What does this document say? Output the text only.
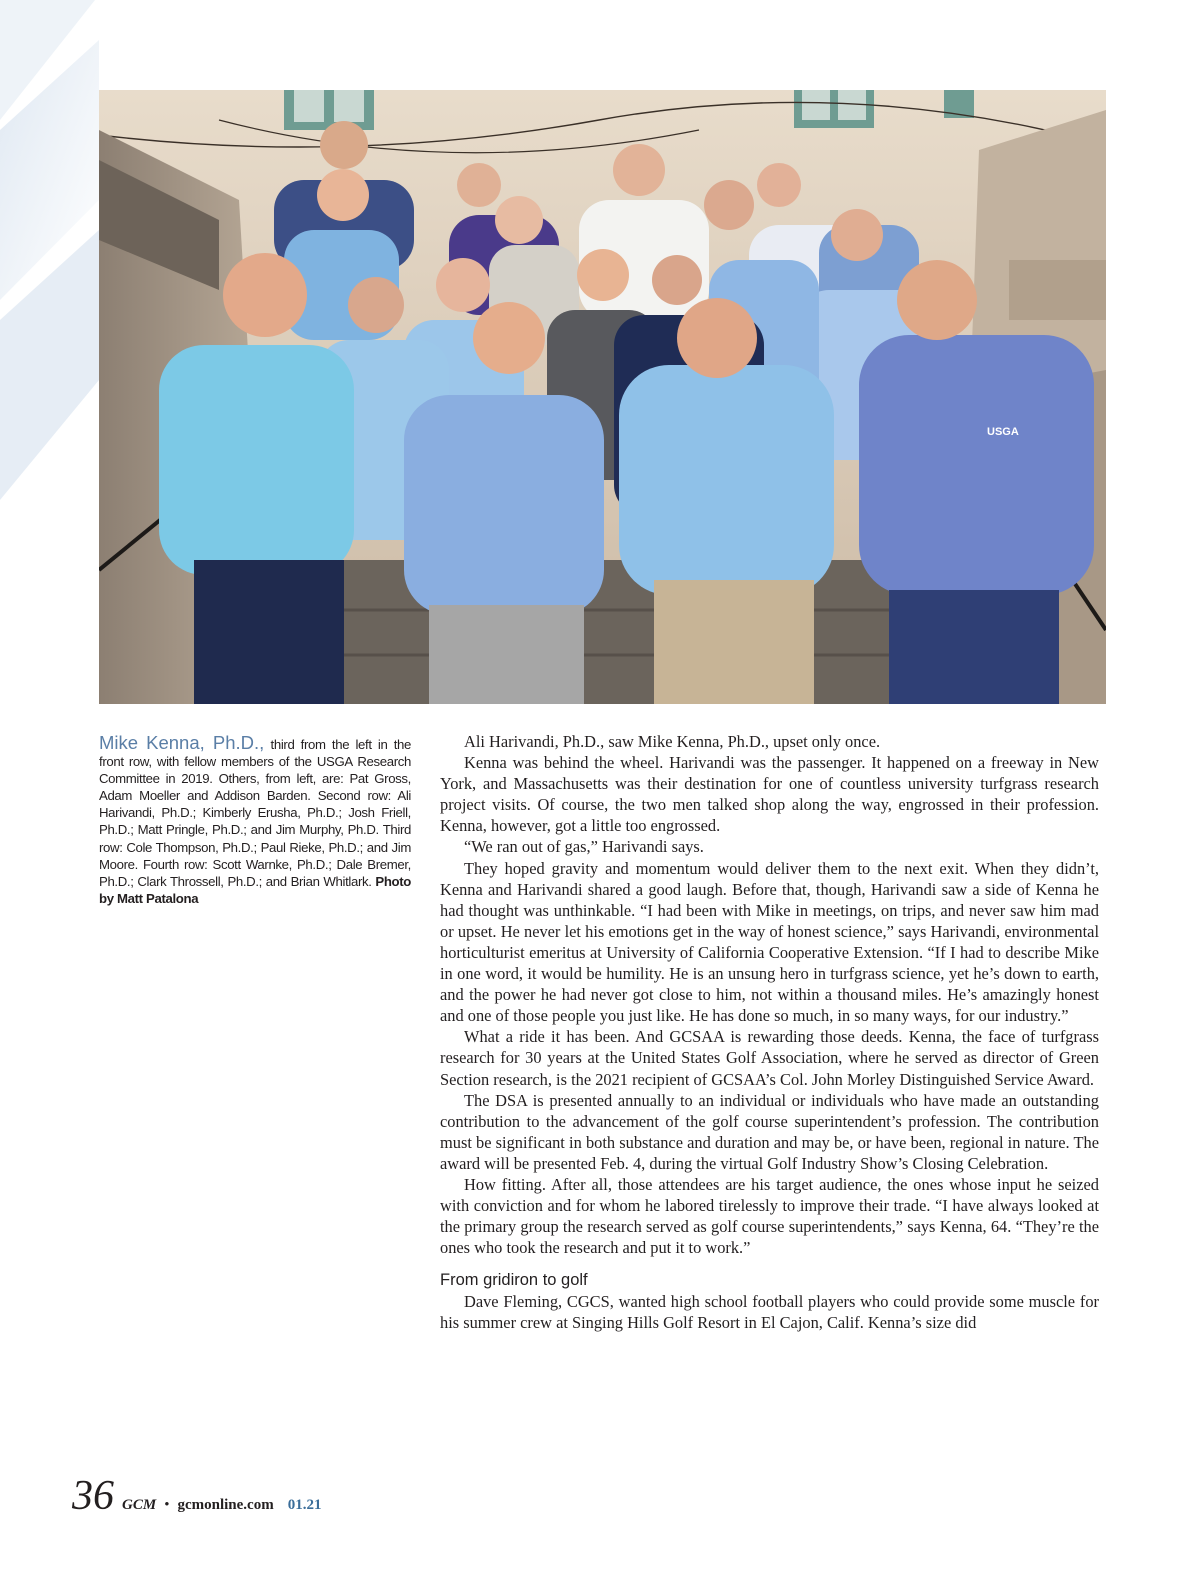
USGA
Mike Kenna, Ph.D., third from the left in the front row, with fellow members of the USGA Research Committee in 2019. Others, from left, are: Pat Gross, Adam Moeller and Addison Barden. Second row: Ali Harivandi, Ph.D.; Kimberly Erusha, Ph.D.; Josh Friell, Ph.D.; Matt Pringle, Ph.D.; and Jim Murphy, Ph.D. Third row: Cole Thompson, Ph.D.; Paul Rieke, Ph.D.; and Jim Moore. Fourth row: Scott Warnke, Ph.D.; Dale Bremer, Ph.D.; Clark Throssell, Ph.D.; and Brian Whitlark. Photo by Matt Patalona

Ali Harivandi, Ph.D., saw Mike Kenna, Ph.D., upset only once.

Kenna was behind the wheel. Harivandi was the passenger. It happened on a freeway in New York, and Massachusetts was their destination for one of countless university turfgrass research project visits. Of course, the two men talked shop along the way, engrossed in their profession. Kenna, however, got a little too engrossed.

“We ran out of gas,” Harivandi says.

They hoped gravity and momentum would deliver them to the next exit. When they didn’t, Kenna and Harivandi shared a good laugh. Before that, though, Harivandi saw a side of Kenna he had thought was unthinkable. “I had been with Mike in meetings, on trips, and never saw him mad or upset. He never let his emotions get in the way of honest science,” says Harivandi, environmental horticulturist emeritus at University of California Cooperative Extension. “If I had to describe Mike in one word, it would be humility. He is an unsung hero in turfgrass science, yet he’s down to earth, and the power he had never got close to him, not within a thousand miles. He’s amazingly honest and one of those people you just like. He has done so much, in so many ways, for our industry.”

What a ride it has been. And GCSAA is rewarding those deeds. Kenna, the face of turfgrass research for 30 years at the United States Golf Association, where he served as director of Green Section research, is the 2021 recipient of GCSAA’s Col. John Morley Distinguished Service Award.

The DSA is presented annually to an individual or individuals who have made an outstanding contribution to the advancement of the golf course superintendent’s profession. The contribution must be significant in both substance and duration and may be, or have been, regional in nature. The award will be presented Feb. 4, during the virtual Golf Industry Show’s Closing Celebration.

How fitting. After all, those attendees are his target audience, the ones whose input he seized with conviction and for whom he labored tirelessly to improve their trade. “I have always looked at the primary group the research served as golf course superintendents,” says Kenna, 64. “They’re the ones who took the research and put it to work.”

From gridiron to golf

Dave Fleming, CGCS, wanted high school football players who could provide some muscle for his summer crew at Singing Hills Golf Resort in El Cajon, Calif. Kenna’s size did

36 GCM • gcmonline.com 01.21
